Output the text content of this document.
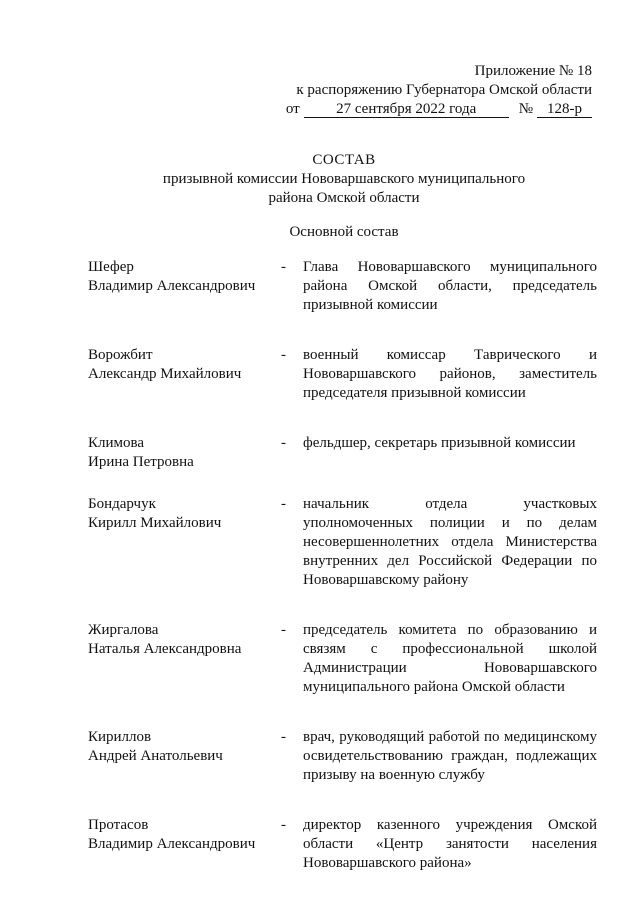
Приложение № 18
к распоряжению Губернатора Омской области
от	27 сентября 2022 года	№ 128-р
СОСТАВ
призывной комиссии Нововаршавского муниципального
района Омской области
Основной состав
Шефер
Владимир Александрович
-	Глава Нововаршавского муниципального района Омской области, председатель призывной комиссии
Ворожбит
Александр Михайлович
-	военный комиссар Таврического и Нововаршавского районов, заместитель председателя призывной комиссии
Климова
Ирина Петровна
-	фельдшер, секретарь призывной комиссии
Бондарчук
Кирилл Михайлович
-	начальник отдела участковых уполномоченных полиции и по делам несовершеннолетних отдела Министерства внутренних дел Российской Федерации по Нововаршавскому району
Жиргалова
Наталья Александровна
-	председатель комитета по образованию и связям с профессиональной школой Администрации Нововаршавского муниципального района Омской области
Кириллов
Андрей Анатольевич
-	врач, руководящий работой по медицинскому освидетельствованию граждан, подлежащих призыву на военную службу
Протасов
Владимир Александрович
-	директор казенного учреждения Омской области «Центр занятости населения Нововаршавского района»
